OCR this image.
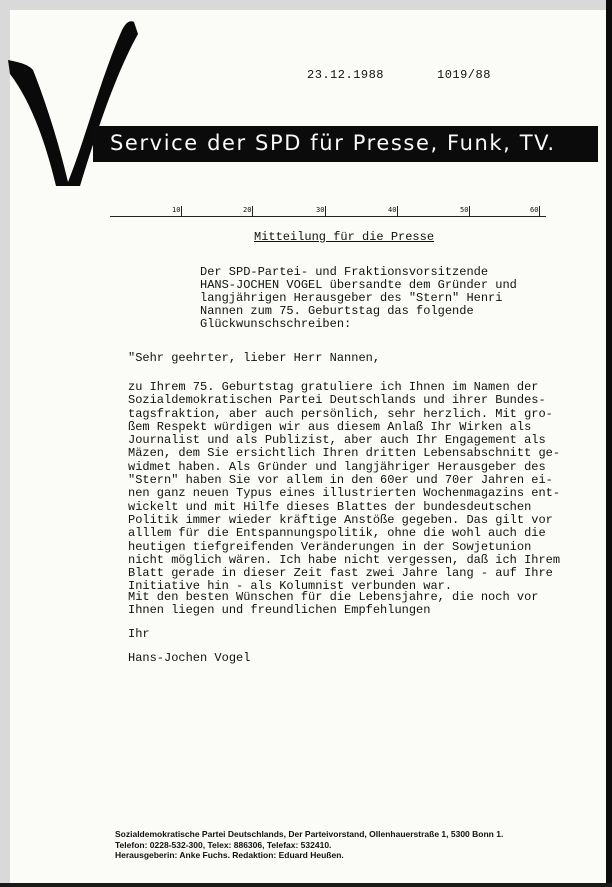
23.12.1988	1019/88
Service der SPD für Presse, Funk, TV.
10	20	30	40	50	60
Mitteilung für die Presse
Der SPD-Partei- und Fraktionsvorsitzende
HANS-JOCHEN VOGEL übersandte dem Gründer und
langjährigen Herausgeber des "Stern" Henri
Nannen zum 75. Geburtstag das folgende
Glückwunschschreiben:
"Sehr geehrter, lieber Herr Nannen,
zu Ihrem 75. Geburtstag gratuliere ich Ihnen im Namen der
Sozialdemokratischen Partei Deutschlands und ihrer Bundes-
tagsfraktion, aber auch persönlich, sehr herzlich. Mit gro-
ßem Respekt würdigen wir aus diesem Anlaß Ihr Wirken als
Journalist und als Publizist, aber auch Ihr Engagement als
Mäzen, dem Sie ersichtlich Ihren dritten Lebensabschnitt ge-
widmet haben. Als Gründer und langjähriger Herausgeber des
"Stern" haben Sie vor allem in den 60er und 70er Jahren ei-
nen ganz neuen Typus eines illustrierten Wochenmagazins ent-
wickelt und mit Hilfe dieses Blattes der bundesdeutschen
Politik immer wieder kräftige Anstöße gegeben. Das gilt vor
alllem für die Entspannungspolitik, ohne die wohl auch die
heutigen tiefgreifenden Veränderungen in der Sowjetunion
nicht möglich wären. Ich habe nicht vergessen, daß ich Ihrem
Blatt gerade in dieser Zeit fast zwei Jahre lang - auf Ihre
Initiative hin - als Kolumnist verbunden war.
Mit den besten Wünschen für die Lebensjahre, die noch vor
Ihnen liegen und freundlichen Empfehlungen
Ihr
Hans-Jochen Vogel
Sozialdemokratische Partei Deutschlands, Der Parteivorstand, Ollenhauerstraße 1, 5300 Bonn 1.
Telefon: 0228-532-300, Telex: 886306, Telefax: 532410.
Herausgeberin: Anke Fuchs. Redaktion: Eduard Heußen.
